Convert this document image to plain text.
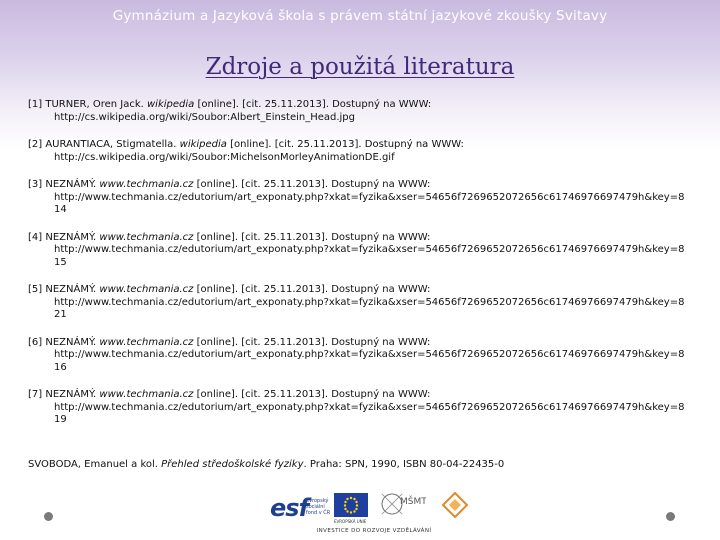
Gymnázium a Jazyková škola s právem státní jazykové zkoušky Svitavy
Zdroje a použitá literatura
[1] TURNER, Oren Jack. wikipedia [online]. [cit. 25.11.2013]. Dostupný na WWW:
http://cs.wikipedia.org/wiki/Soubor:Albert_Einstein_Head.jpg
[2] AURANTIACA, Stigmatella. wikipedia [online]. [cit. 25.11.2013]. Dostupný na WWW:
http://cs.wikipedia.org/wiki/Soubor:MichelsonMorleyAnimationDE.gif
[3] NEZNÁMÝ. www.techmania.cz [online]. [cit. 25.11.2013]. Dostupný na WWW:
http://www.techmania.cz/edutorium/art_exponaty.php?xkat=fyzika&xser=54656f7269652072656c61746976697479h&key=8
14
[4] NEZNÁMÝ. www.techmania.cz [online]. [cit. 25.11.2013]. Dostupný na WWW:
http://www.techmania.cz/edutorium/art_exponaty.php?xkat=fyzika&xser=54656f7269652072656c61746976697479h&key=8
15
[5] NEZNÁMÝ. www.techmania.cz [online]. [cit. 25.11.2013]. Dostupný na WWW:
http://www.techmania.cz/edutorium/art_exponaty.php?xkat=fyzika&xser=54656f7269652072656c61746976697479h&key=8
21
[6] NEZNÁMÝ. www.techmania.cz [online]. [cit. 25.11.2013]. Dostupný na WWW:
http://www.techmania.cz/edutorium/art_exponaty.php?xkat=fyzika&xser=54656f7269652072656c61746976697479h&key=8
16
[7] NEZNÁMÝ. www.techmania.cz [online]. [cit. 25.11.2013]. Dostupný na WWW:
http://www.techmania.cz/edutorium/art_exponaty.php?xkat=fyzika&xser=54656f7269652072656c61746976697479h&key=8
19
SVOBODA, Emanuel a kol. Přehled středoškolské fyziky. Praha: SPN, 1990, ISBN 80-04-22435-0
esf
evropský sociální fond v ČR
EVROPSKÁ UNIE
MŠMT
INVESTICE DO ROZVOJE VZDĚLÁVÁNÍ
